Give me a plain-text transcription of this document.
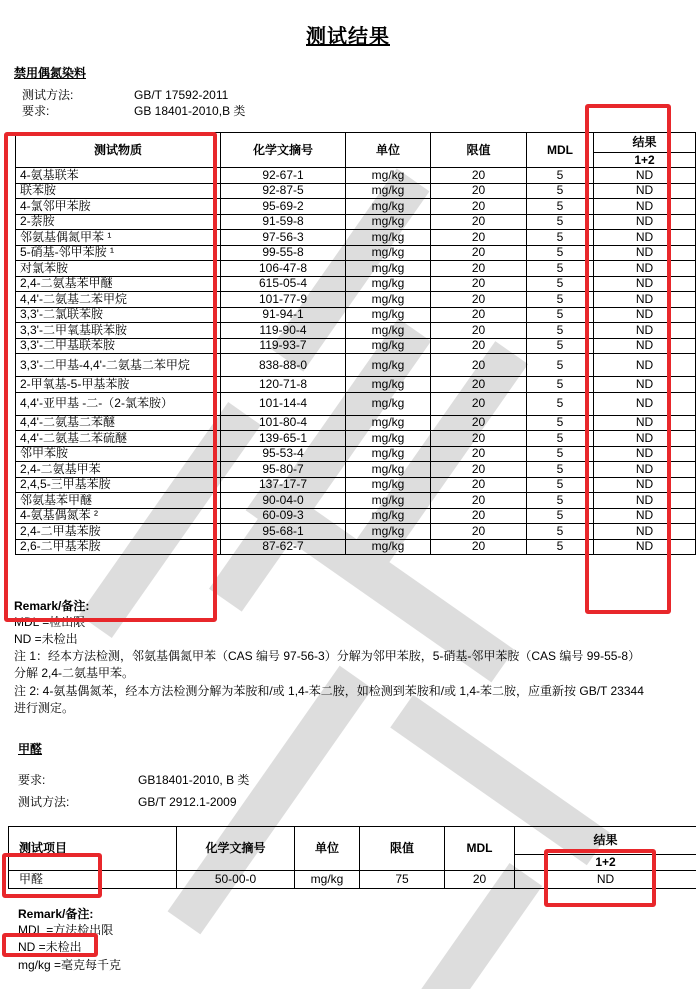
测试结果
禁用偶氮染料
测试方法:	GB/T 17592-2011
要求:	GB 18401-2010,B 类
测试物质	化学文摘号	单位	限值	MDL	结果
					1+2
4-氨基联苯	92-67-1	mg/kg	20	5	ND
联苯胺	92-87-5	mg/kg	20	5	ND
4-氯邻甲苯胺	95-69-2	mg/kg	20	5	ND
2-萘胺	91-59-8	mg/kg	20	5	ND
邻氨基偶氮甲苯 ¹	97-56-3	mg/kg	20	5	ND
5-硝基-邻甲苯胺 ¹	99-55-8	mg/kg	20	5	ND
对氯苯胺	106-47-8	mg/kg	20	5	ND
2,4-二氨基苯甲醚	615-05-4	mg/kg	20	5	ND
4,4'-二氨基二苯甲烷	101-77-9	mg/kg	20	5	ND
3,3'-二氯联苯胺	91-94-1	mg/kg	20	5	ND
3,3'-二甲氧基联苯胺	119-90-4	mg/kg	20	5	ND
3,3'-二甲基联苯胺	119-93-7	mg/kg	20	5	ND
3,3'-二甲基-4,4'-二氨基二苯甲烷	838-88-0	mg/kg	20	5	ND
2-甲氧基-5-甲基苯胺	120-71-8	mg/kg	20	5	ND
4,4'-亚甲基 -二-（2-氯苯胺）	101-14-4	mg/kg	20	5	ND
4,4'-二氨基二苯醚	101-80-4	mg/kg	20	5	ND
4,4'-二氨基二苯硫醚	139-65-1	mg/kg	20	5	ND
邻甲苯胺	95-53-4	mg/kg	20	5	ND
2,4-二氨基甲苯	95-80-7	mg/kg	20	5	ND
2,4,5-三甲基苯胺	137-17-7	mg/kg	20	5	ND
邻氨基苯甲醚	90-04-0	mg/kg	20	5	ND
4-氨基偶氮苯 ²	60-09-3	mg/kg	20	5	ND
2,4-二甲基苯胺	95-68-1	mg/kg	20	5	ND
2,6-二甲基苯胺	87-62-7	mg/kg	20	5	ND
Remark/备注:
MDL =检出限
ND =未检出
注 1：经本方法检测，邻氨基偶氮甲苯（CAS 编号 97-56-3）分解为邻甲苯胺，5-硝基-邻甲苯胺（CAS 编号 99-55-8）
分解 2,4-二氨基甲苯。
注 2: 4-氨基偶氮苯，经本方法检测分解为苯胺和/或 1,4-苯二胺，如检测到苯胺和/或 1,4-苯二胺，应重新按 GB/T 23344
进行测定。
甲醛
要求:	GB18401-2010, B 类
测试方法:	GB/T 2912.1-2009
测试项目	化学文摘号	单位	限值	MDL	结果
					1+2
甲醛	50-00-0	mg/kg	75	20	ND
Remark/备注:
MDL =方法检出限
ND =未检出
mg/kg =毫克每千克
